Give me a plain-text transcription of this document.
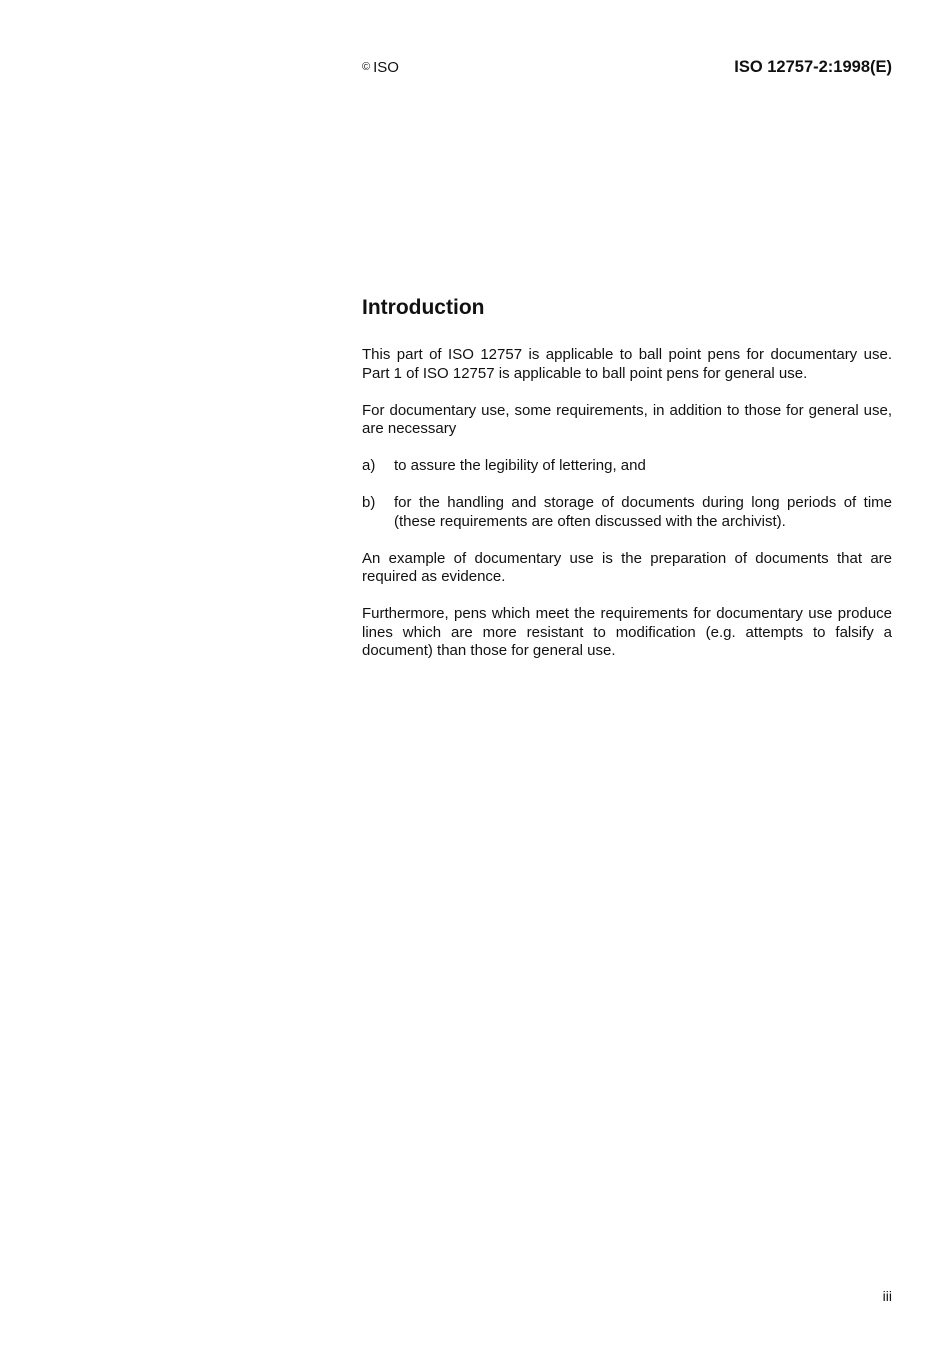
© ISO	ISO 12757-2:1998(E)
Introduction

This part of ISO 12757 is applicable to ball point pens for documentary use. Part 1 of ISO 12757 is applicable to ball point pens for general use.

For documentary use, some requirements, in addition to those for general use, are necessary

a)	to assure the legibility of lettering, and
b)	for the handling and storage of documents during long periods of time (these requirements are often discussed with the archivist).

An example of documentary use is the preparation of documents that are required as evidence.

Furthermore, pens which meet the requirements for documentary use produce lines which are more resistant to modification (e.g. attempts to falsify a document) than those for general use.

iii
